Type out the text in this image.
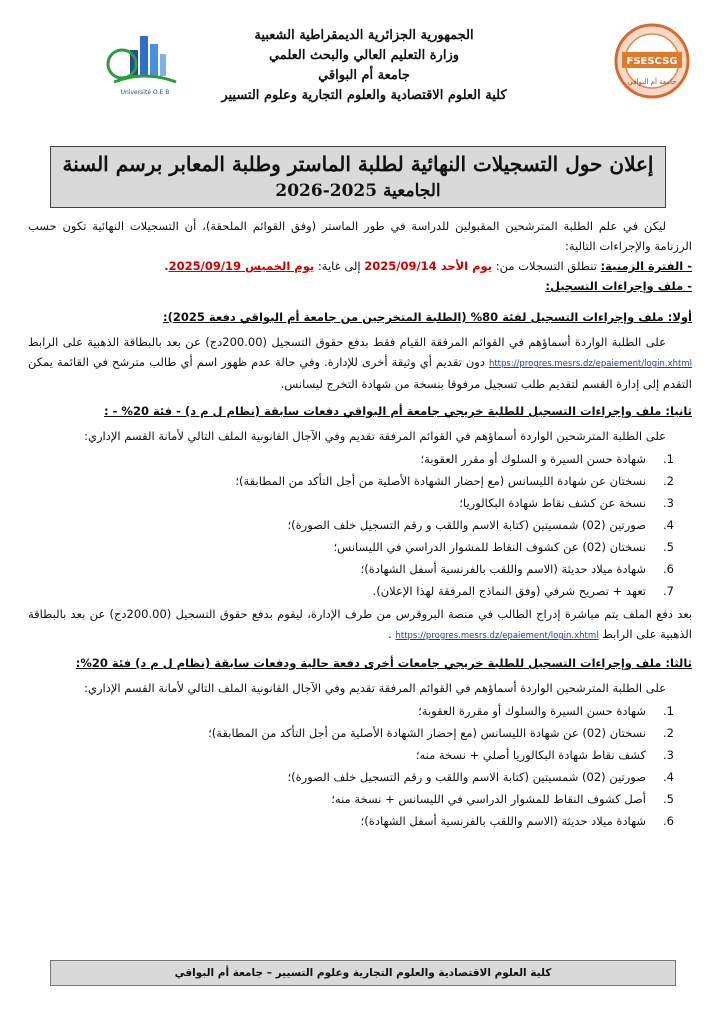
FSESCSG
جامعة أم البواقي
الجمهورية الجزائرية الديمقراطية الشعبية
وزارة التعليم العالي والبحث العلمي
جامعة أم البواقي
كلية العلوم الاقتصادية والعلوم التجارية وعلوم التسيير
Université O E B
إعلان حول التسجيلات النهائية لطلبة الماستر وطلبة المعابر برسم السنة
الجامعية 2025-2026

ليكن في علم الطلبة المترشحين المقبولين للدراسة في طور الماستر (وفق القوائم الملحقة)، أن التسجيلات النهائية تكون حسب الرزنامة والإجراءات التالية:

- الفترة الزمنية: تنطلق التسجلات من: يوم الأحد 2025/09/14 إلى غاية: يوم الخميس 2025/09/19.
- ملف وإجراءات التسجيل:
أولا: ملف وإجراءات التسجيل لفئة 80% (الطلبة المتخرجين من جامعة أم البواقي دفعة 2025):

على الطلبة الواردة أسماؤهم في القوائم المرفقة القيام فقط بدفع حقوق التسجيل (200.00دج) عن بعد بالبطاقة الذهبية على الرابط https://progres.mesrs.dz/epaiement/login.xhtml دون تقديم أي وثيقة أخرى للإدارة. وفي حالة عدم ظهور اسم أي طالب مترشح في القائمة يمكن التقدم إلى إدارة القسم لتقديم طلب تسجيل مرفوقا بنسخة من شهادة التخرج ليسانس.

ثانيا: ملف وإجراءات التسجيل للطلبة خريجي جامعة أم البواقي دفعات سابقة (نظام ل م د) - فئة 20% - :

على الطلبة المترشحين الواردة أسماؤهم في القوائم المرفقة تقديم وفي الآجال القانونية الملف التالي لأمانة القسم الإداري:

1 .
شهادة حسن السيرة و السلوك أو مقرر العقوبة؛
2 .
نسختان عن شهادة الليسانس (مع إحضار الشهادة الأصلية من أجل التأكد من المطابقة)؛
3 .
نسخة عن كشف نقاط شهادة البكالوريا؛
4 .
صورتين (02) شمسيتين (كتابة الاسم واللقب و رقم التسجيل خلف الصورة)؛
5 .
نسختان (02) عن كشوف النقاط للمشوار الدراسي في الليسانس؛
6 .
شهادة ميلاد حديثة (الاسم واللقب بالفرنسية أسفل الشهادة)؛
7 .
تعهد + تصريح شرفي (وفق النماذج المرفقة لهذا الإعلان).

بعد دفع الملف يتم مباشرة إدراج الطالب في منصة البروقرس من طرف الإدارة، ليقوم بدفع حقوق التسجيل (200.00دج) عن بعد بالبطاقة الذهبية على الرابط https://progres.mesrs.dz/epaiement/login.xhtml .

ثالثا: ملف وإجراءات التسجيل للطلبة خريجي جامعات أخرى دفعة حالية ودفعات سابقة (نظام ل م د) فئة 20%:

على الطلبة المترشحين الواردة أسماؤهم في القوائم المرفقة تقديم وفي الآجال القانونية الملف التالي لأمانة القسم الإداري:

1 .
شهادة حسن السيرة والسلوك أو مقررة العقوبة؛
2 .
نسختان (02) عن شهادة الليسانس (مع إحضار الشهادة الأصلية من أجل التأكد من المطابقة)؛
3 .
كشف نقاط شهادة البكالوريا أصلي + نسخة منه؛
4 .
صورتين (02) شمسيتين (كتابة الاسم واللقب و رقم التسجيل خلف الصورة)؛
5 .
أصل كشوف النقاط للمشوار الدراسي في الليسانس + نسخة منه؛
6 .
شهادة ميلاد حديثة (الاسم واللقب بالفرنسية أسفل الشهادة)؛
كلية العلوم الاقتصادية والعلوم التجارية وعلوم التسيير – جامعة أم البواقي
